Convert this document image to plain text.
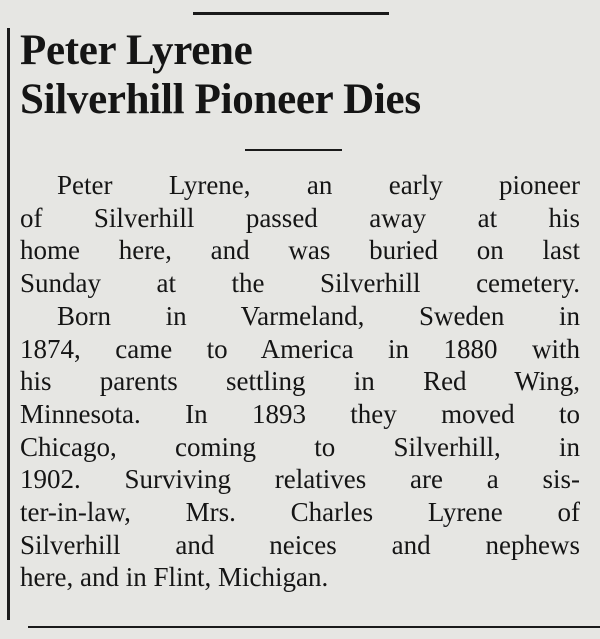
Peter Lyrene
Silverhill Pioneer Dies
Peter Lyrene, an early pioneer
of Silverhill passed away at his
home here, and was buried on last
Sunday at the Silverhill cemetery.
Born in Varmeland, Sweden in
1874, came to America in 1880 with
his parents settling in Red Wing,
Minnesota. In 1893 they moved to
Chicago, coming to Silverhill, in
1902. Surviving relatives are a sis-
ter-in-law, Mrs. Charles Lyrene of
Silverhill and neices and nephews
here, and in Flint, Michigan.
